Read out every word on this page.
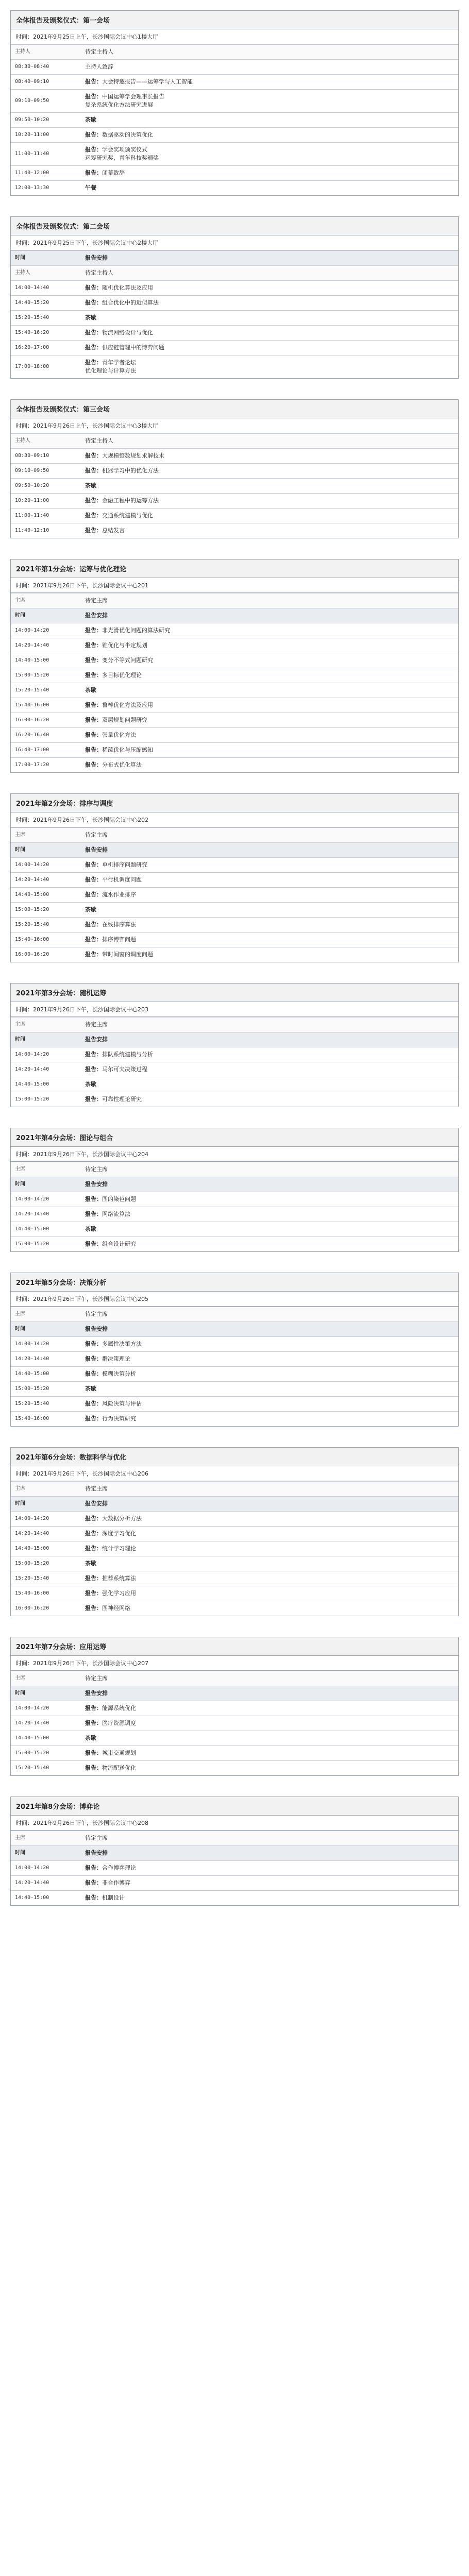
全体报告及颁奖仪式：第一会场
时间：2021年9月25日上午，长沙国际会议中心1楼大厅
主持人	待定主持人

08:30-08:40	主持人致辞

08:40-09:10	报告：大会特邀报告——运筹学与人工智能

09:10-09:50	报告：中国运筹学会理事长报告
复杂系统优化方法研究进展

09:50-10:20	茶歇

10:20-11:00	报告：数据驱动的决策优化

11:00-11:40	报告：学会奖项颁奖仪式
运筹研究奖、青年科技奖颁奖

11:40-12:00	报告：闭幕致辞

12:00-13:30	午餐
全体报告及颁奖仪式：第二会场
时间：2021年9月25日下午，长沙国际会议中心2楼大厅
时间	报告安排

主持人	待定主持人

14:00-14:40	报告：随机优化算法及应用

14:40-15:20	报告：组合优化中的近似算法

15:20-15:40	茶歇

15:40-16:20	报告：物流网络设计与优化

16:20-17:00	报告：供应链管理中的博弈问题

17:00-18:00	报告：青年学者论坛
优化理论与计算方法
全体报告及颁奖仪式：第三会场
时间：2021年9月26日上午，长沙国际会议中心3楼大厅
主持人	待定主持人

08:30-09:10	报告：大规模整数规划求解技术

09:10-09:50	报告：机器学习中的优化方法

09:50-10:20	茶歇

10:20-11:00	报告：金融工程中的运筹方法

11:00-11:40	报告：交通系统建模与优化

11:40-12:10	报告：总结发言
2021年第1分会场：运筹与优化理论
时间：2021年9月26日下午，长沙国际会议中心201
主席	待定主席

时间	报告安排

14:00-14:20	报告：非光滑优化问题的算法研究

14:20-14:40	报告：锥优化与半定规划

14:40-15:00	报告：变分不等式问题研究

15:00-15:20	报告：多目标优化理论

15:20-15:40	茶歇

15:40-16:00	报告：鲁棒优化方法及应用

16:00-16:20	报告：双层规划问题研究

16:20-16:40	报告：张量优化方法

16:40-17:00	报告：稀疏优化与压缩感知

17:00-17:20	报告：分布式优化算法
2021年第2分会场：排序与调度
时间：2021年9月26日下午，长沙国际会议中心202
主席	待定主席

时间	报告安排

14:00-14:20	报告：单机排序问题研究

14:20-14:40	报告：平行机调度问题

14:40-15:00	报告：流水作业排序

15:00-15:20	茶歇

15:20-15:40	报告：在线排序算法

15:40-16:00	报告：排序博弈问题

16:00-16:20	报告：带时间窗的调度问题
2021年第3分会场：随机运筹
时间：2021年9月26日下午，长沙国际会议中心203
主席	待定主席

时间	报告安排

14:00-14:20	报告：排队系统建模与分析

14:20-14:40	报告：马尔可夫决策过程

14:40-15:00	茶歇

15:00-15:20	报告：可靠性理论研究
2021年第4分会场：图论与组合
时间：2021年9月26日下午，长沙国际会议中心204
主席	待定主席

时间	报告安排

14:00-14:20	报告：图的染色问题

14:20-14:40	报告：网络流算法

14:40-15:00	茶歇

15:00-15:20	报告：组合设计研究
2021年第5分会场：决策分析
时间：2021年9月26日下午，长沙国际会议中心205
主席	待定主席

时间	报告安排

14:00-14:20	报告：多属性决策方法

14:20-14:40	报告：群决策理论

14:40-15:00	报告：模糊决策分析

15:00-15:20	茶歇

15:20-15:40	报告：风险决策与评估

15:40-16:00	报告：行为决策研究
2021年第6分会场：数据科学与优化
时间：2021年9月26日下午，长沙国际会议中心206
主席	待定主席

时间	报告安排

14:00-14:20	报告：大数据分析方法

14:20-14:40	报告：深度学习优化

14:40-15:00	报告：统计学习理论

15:00-15:20	茶歇

15:20-15:40	报告：推荐系统算法

15:40-16:00	报告：强化学习应用

16:00-16:20	报告：图神经网络
2021年第7分会场：应用运筹
时间：2021年9月26日下午，长沙国际会议中心207
主席	待定主席

时间	报告安排

14:00-14:20	报告：能源系统优化

14:20-14:40	报告：医疗资源调度

14:40-15:00	茶歇

15:00-15:20	报告：城市交通规划

15:20-15:40	报告：物流配送优化
2021年第8分会场：博弈论
时间：2021年9月26日下午，长沙国际会议中心208
主席	待定主席

时间	报告安排

14:00-14:20	报告：合作博弈理论

14:20-14:40	报告：非合作博弈

14:40-15:00	报告：机制设计
